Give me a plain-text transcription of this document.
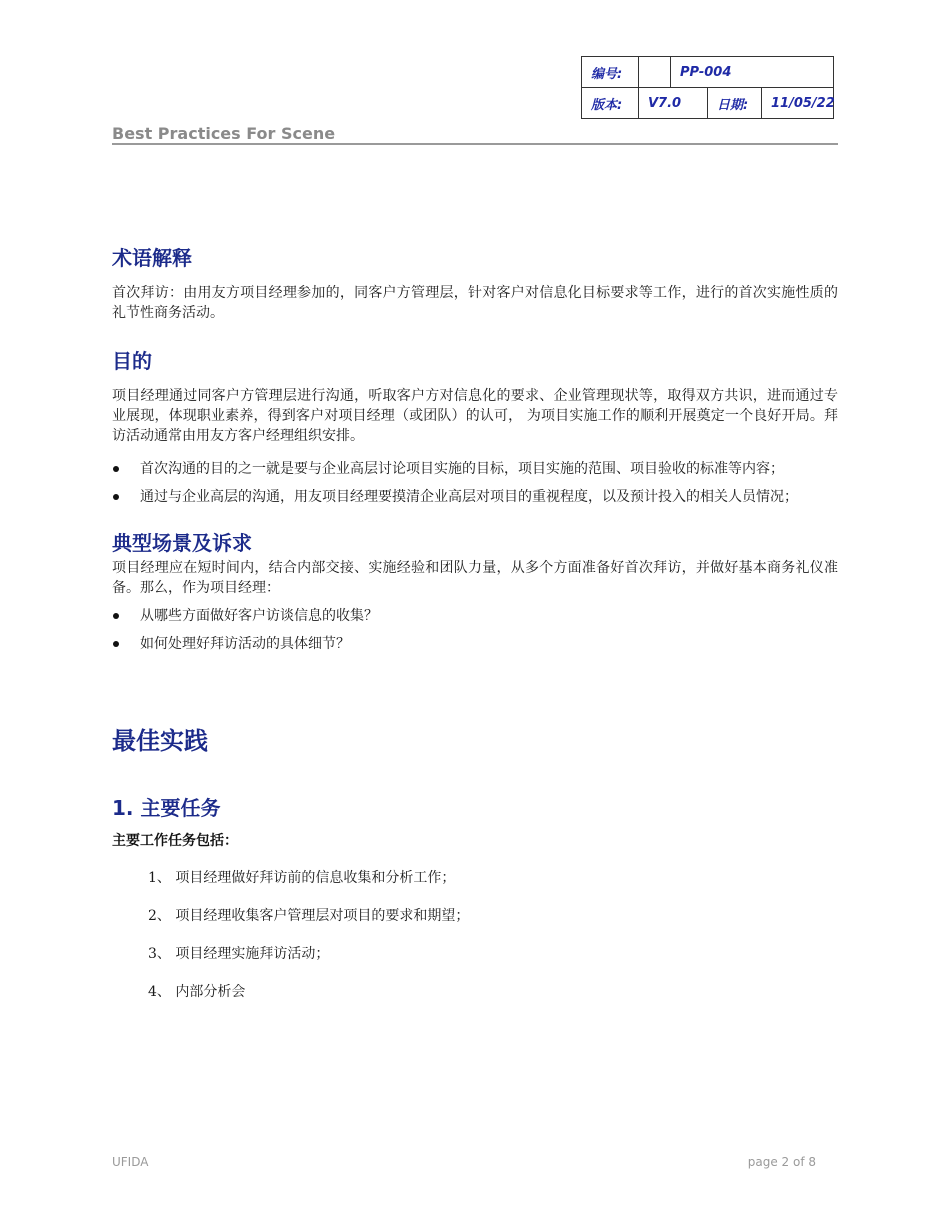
编号:		PP-004		
版本:	V7.0		日期:	11/05/22
Best Practices For Scene
术语解释

首次拜访：由用友方项目经理参加的，同客户方管理层，针对客户对信息化目标要求等工作，进行的首次实施性质的礼节性商务活动。

目的

项目经理通过同客户方管理层进行沟通，听取客户方对信息化的要求、企业管理现状等，取得双方共识，进而通过专业展现，体现职业素养，得到客户对项目经理（或团队）的认可， 为项目实施工作的顺利开展奠定一个良好开局。拜访活动通常由用友方客户经理组织安排。

首次沟通的目的之一就是要与企业高层讨论项目实施的目标，项目实施的范围、项目验收的标准等内容；
通过与企业高层的沟通，用友项目经理要摸清企业高层对项目的重视程度，以及预计投入的相关人员情况；
典型场景及诉求

项目经理应在短时间内，结合内部交接、实施经验和团队力量，从多个方面准备好首次拜访，并做好基本商务礼仪准备。那么，作为项目经理：

从哪些方面做好客户访谈信息的收集？
如何处理好拜访活动的具体细节？
最佳实践
1. 主要任务
主要工作任务包括：
1、 项目经理做好拜访前的信息收集和分析工作；
2、 项目经理收集客户管理层对项目的要求和期望；
3、 项目经理实施拜访活动；
4、 内部分析会
UFIDA	page 2 of 8
